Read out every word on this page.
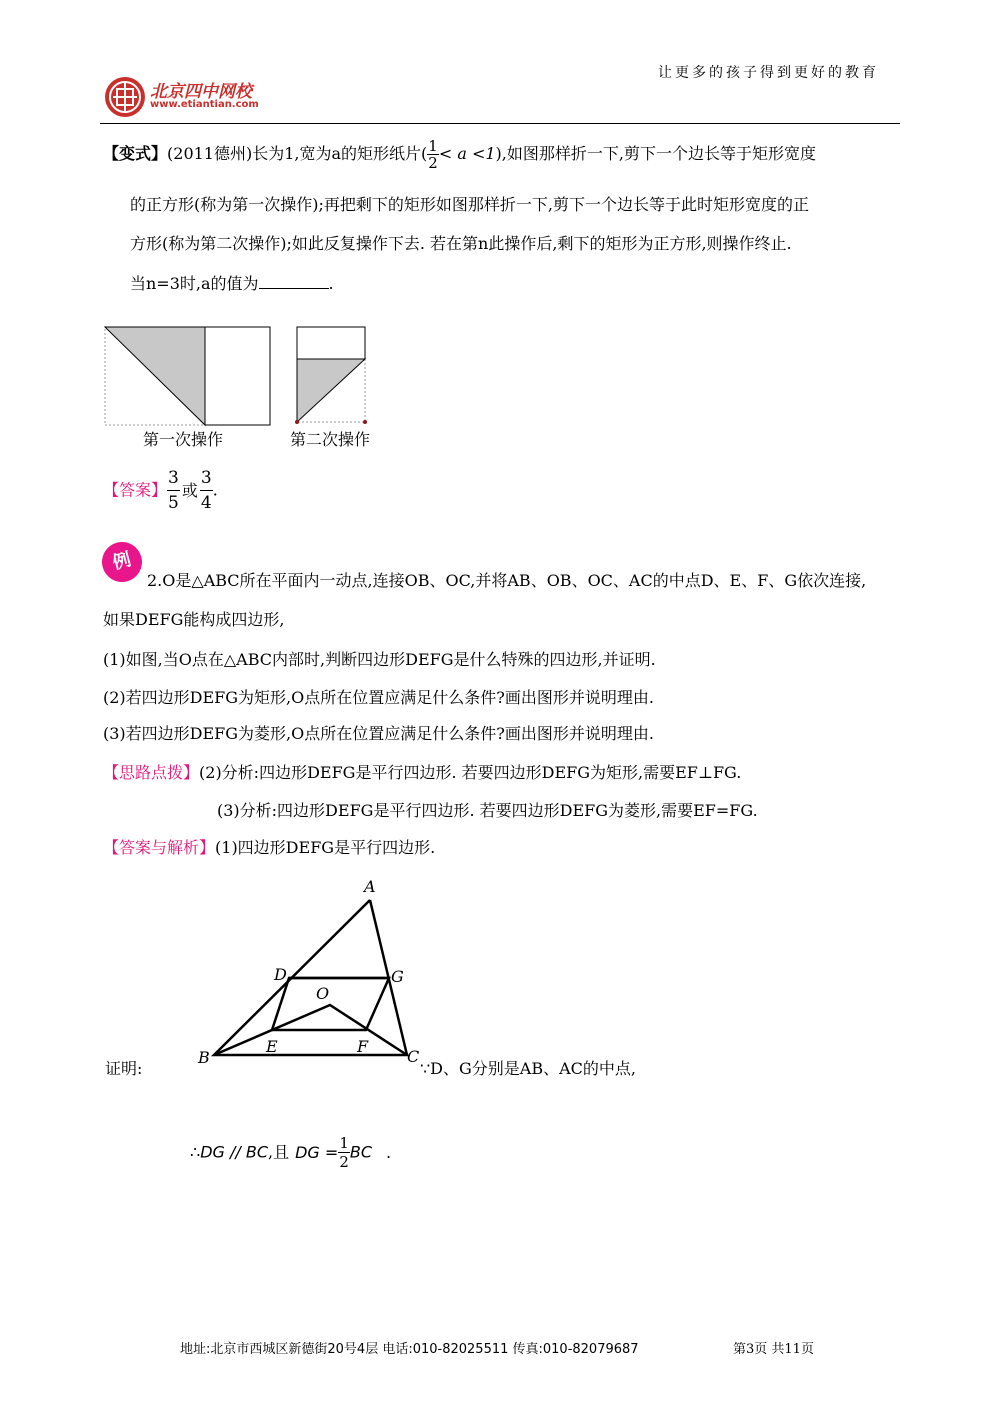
让更多的孩子得到更好的教育
北京四中网校
www.etiantian.com
【变式】(2011德州)长为1,宽为a的矩形纸片( $\frac{1}{2} < a <1$),如图那样折一下,剪下一个边长等于矩形宽度
的正方形(称为第一次操作);再把剩下的矩形如图那样折一下,剪下一个边长等于此时矩形宽度的正
方形(称为第二次操作);如此反复操作下去. 若在第n此操作后,剩下的矩形为正方形,则操作终止.
当n=3时,a的值为	.
第一次操作	第二次操作
【答案】 $\frac{3}{5}$ 或 $\frac{3}{4}$ .
例
2.O是△ABC所在平面内一动点,连接OB、OC,并将AB、OB、OC、AC的中点D、E、F、G依次连接,
如果DEFG能构成四边形,
(1)如图,当O点在△ABC内部时,判断四边形DEFG是什么特殊的四边形,并证明.
(2)若四边形DEFG为矩形,O点所在位置应满足什么条件?画出图形并说明理由.
(3)若四边形DEFG为菱形,O点所在位置应满足什么条件?画出图形并说明理由.
【思路点拨】(2)分析:四边形DEFG是平行四边形. 若要四边形DEFG为矩形,需要EF⊥FG.
(3)分析:四边形DEFG是平行四边形. 若要四边形DEFG为菱形,需要EF=FG.
【答案与解析】(1)四边形DEFG是平行四边形.
A
B	C
D
E	F
G
O
证明:	∵D、G分别是AB、AC的中点,
∴DG // BC,且 DG = $\frac{1}{2}$ BC .
地址:北京市西城区新德街20号4层 电话:010-82025511 传真:010-82079687	第3页 共11页
